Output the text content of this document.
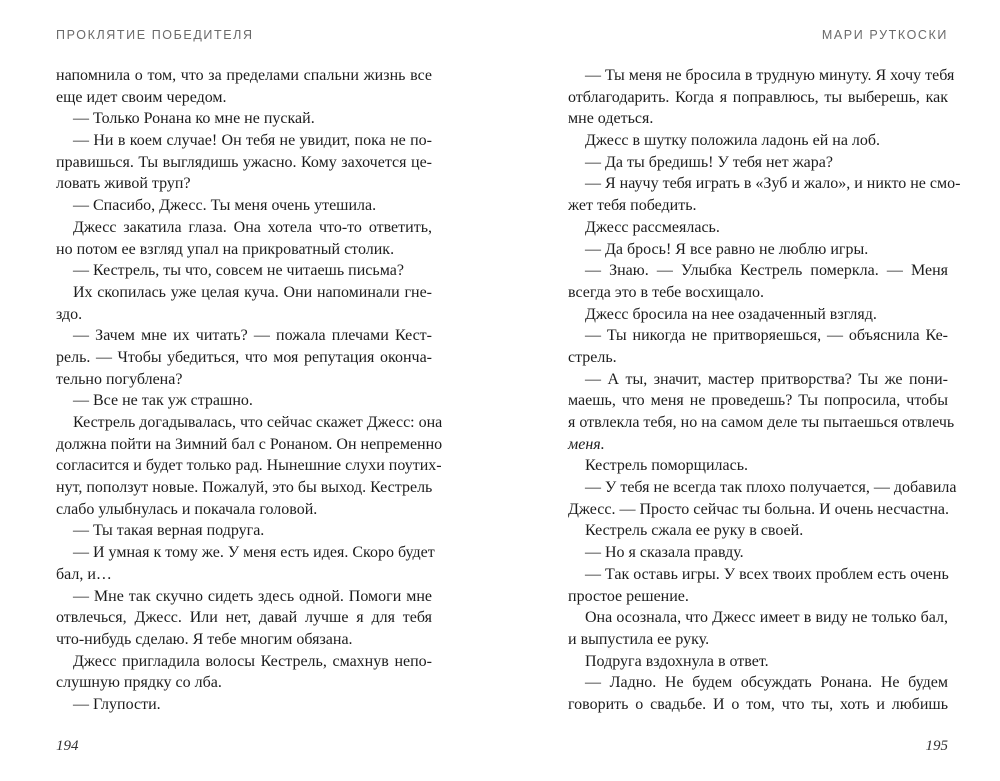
ПРОКЛЯТИЕ ПОБЕДИТЕЛЯ
напомнила о том, что за пределами спальни жизнь все
еще идет своим чередом.
— Только Ронана ко мне не пускай.
— Ни в коем случае! Он тебя не увидит, пока не по-
правишься. Ты выглядишь ужасно. Кому захочется це-
ловать живой труп?
— Спасибо, Джесс. Ты меня очень утешила.
Джесс закатила глаза. Она хотела что-то ответить,
но потом ее взгляд упал на прикроватный столик.
— Кестрель, ты что, совсем не читаешь письма?
Их скопилась уже целая куча. Они напоминали гне-
здо.
— Зачем мне их читать? — пожала плечами Кест-
рель. — Чтобы убедиться, что моя репутация оконча-
тельно погублена?
— Все не так уж страшно.
Кестрель догадывалась, что сейчас скажет Джесс: она
должна пойти на Зимний бал с Ронаном. Он непременно
согласится и будет только рад. Нынешние слухи поутих-
нут, поползут новые. Пожалуй, это бы выход. Кестрель
слабо улыбнулась и покачала головой.
— Ты такая верная подруга.
— И умная к тому же. У меня есть идея. Скоро будет
бал, и…
— Мне так скучно сидеть здесь одной. Помоги мне
отвлечься, Джесс. Или нет, давай лучше я для тебя
что-нибудь сделаю. Я тебе многим обязана.
Джесс пригладила волосы Кестрель, смахнув непо-
слушную прядку со лба.
— Глупости.
194
МАРИ РУТКОСКИ
— Ты меня не бросила в трудную минуту. Я хочу тебя
отблагодарить. Когда я поправлюсь, ты выберешь, как
мне одеться.
Джесс в шутку положила ладонь ей на лоб.
— Да ты бредишь! У тебя нет жара?
— Я научу тебя играть в «Зуб и жало», и никто не смо-
жет тебя победить.
Джесс рассмеялась.
— Да брось! Я все равно не люблю игры.
— Знаю. — Улыбка Кестрель померкла. — Меня
всегда это в тебе восхищало.
Джесс бросила на нее озадаченный взгляд.
— Ты никогда не притворяешься, — объяснила Ке-
стрель.
— А ты, значит, мастер притворства? Ты же пони-
маешь, что меня не проведешь? Ты попросила, чтобы
я отвлекла тебя, но на самом деле ты пытаешься отвлечь
меня.
Кестрель поморщилась.
— У тебя не всегда так плохо получается, — добавила
Джесс. — Просто сейчас ты больна. И очень несчастна.
Кестрель сжала ее руку в своей.
— Но я сказала правду.
— Так оставь игры. У всех твоих проблем есть очень
простое решение.
Она осознала, что Джесс имеет в виду не только бал,
и выпустила ее руку.
Подруга вздохнула в ответ.
— Ладно. Не будем обсуждать Ронана. Не будем
говорить о свадьбе. И о том, что ты, хоть и любишь
195
